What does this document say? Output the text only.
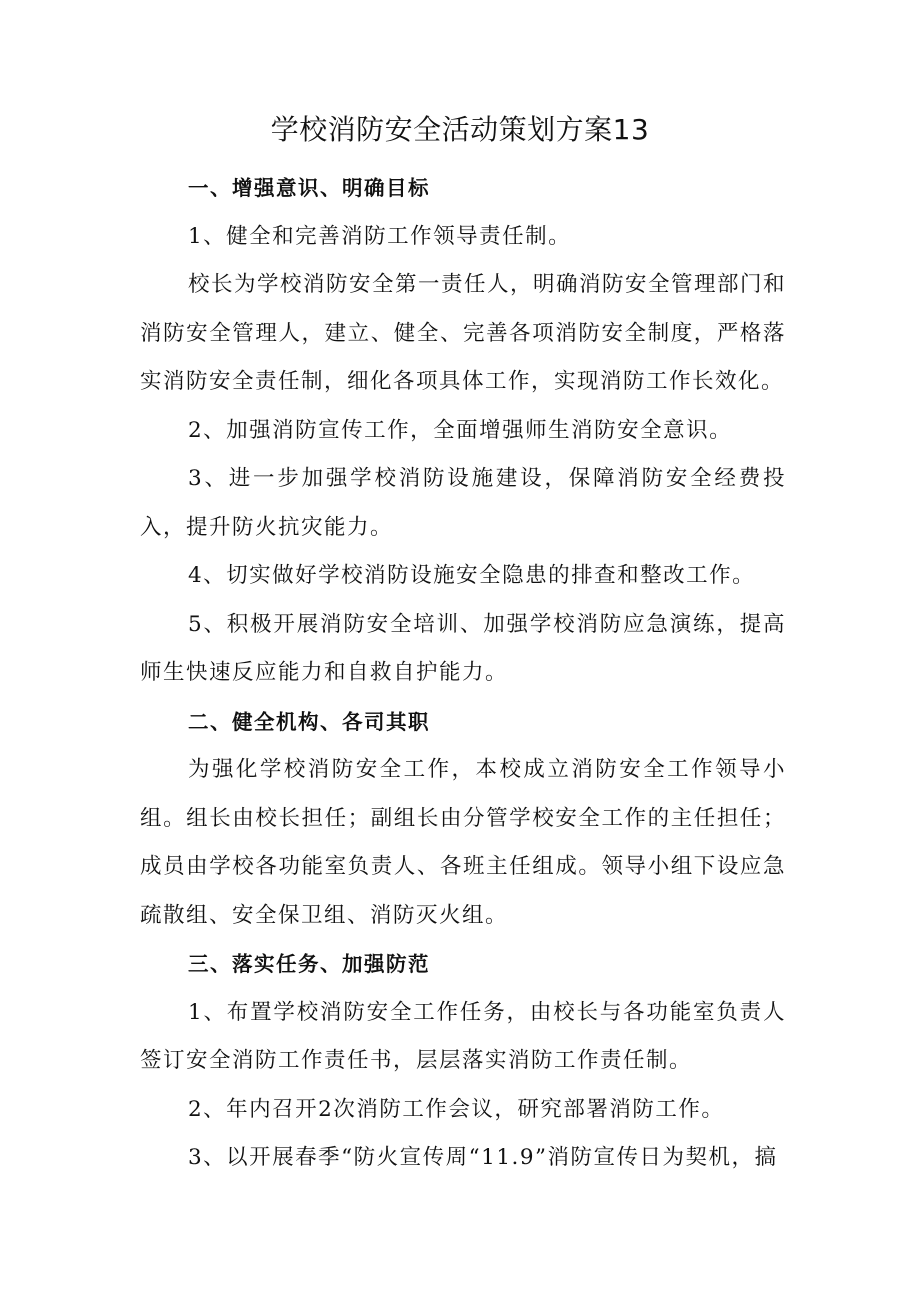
学校消防安全活动策划方案13

一、增强意识、明确目标

1、健全和完善消防工作领导责任制。

校长为学校消防安全第一责任人，明确消防安全管理部门和消防安全管理人，建立、健全、完善各项消防安全制度，严格落实消防安全责任制，细化各项具体工作，实现消防工作长效化。

2、加强消防宣传工作，全面增强师生消防安全意识。

3、进一步加强学校消防设施建设，保障消防安全经费投入，提升防火抗灾能力。

4、切实做好学校消防设施安全隐患的排查和整改工作。

5、积极开展消防安全培训、加强学校消防应急演练，提高师生快速反应能力和自救自护能力。

二、健全机构、各司其职

为强化学校消防安全工作，本校成立消防安全工作领导小组。组长由校长担任；副组长由分管学校安全工作的主任担任；成员由学校各功能室负责人、各班主任组成。领导小组下设应急疏散组、安全保卫组、消防灭火组。

三、落实任务、加强防范

1、布置学校消防安全工作任务，由校长与各功能室负责人签订安全消防工作责任书，层层落实消防工作责任制。

2、年内召开2次消防工作会议，研究部署消防工作。

3、以开展春季“防火宣传周“11.9”消防宣传日为契机，搞
